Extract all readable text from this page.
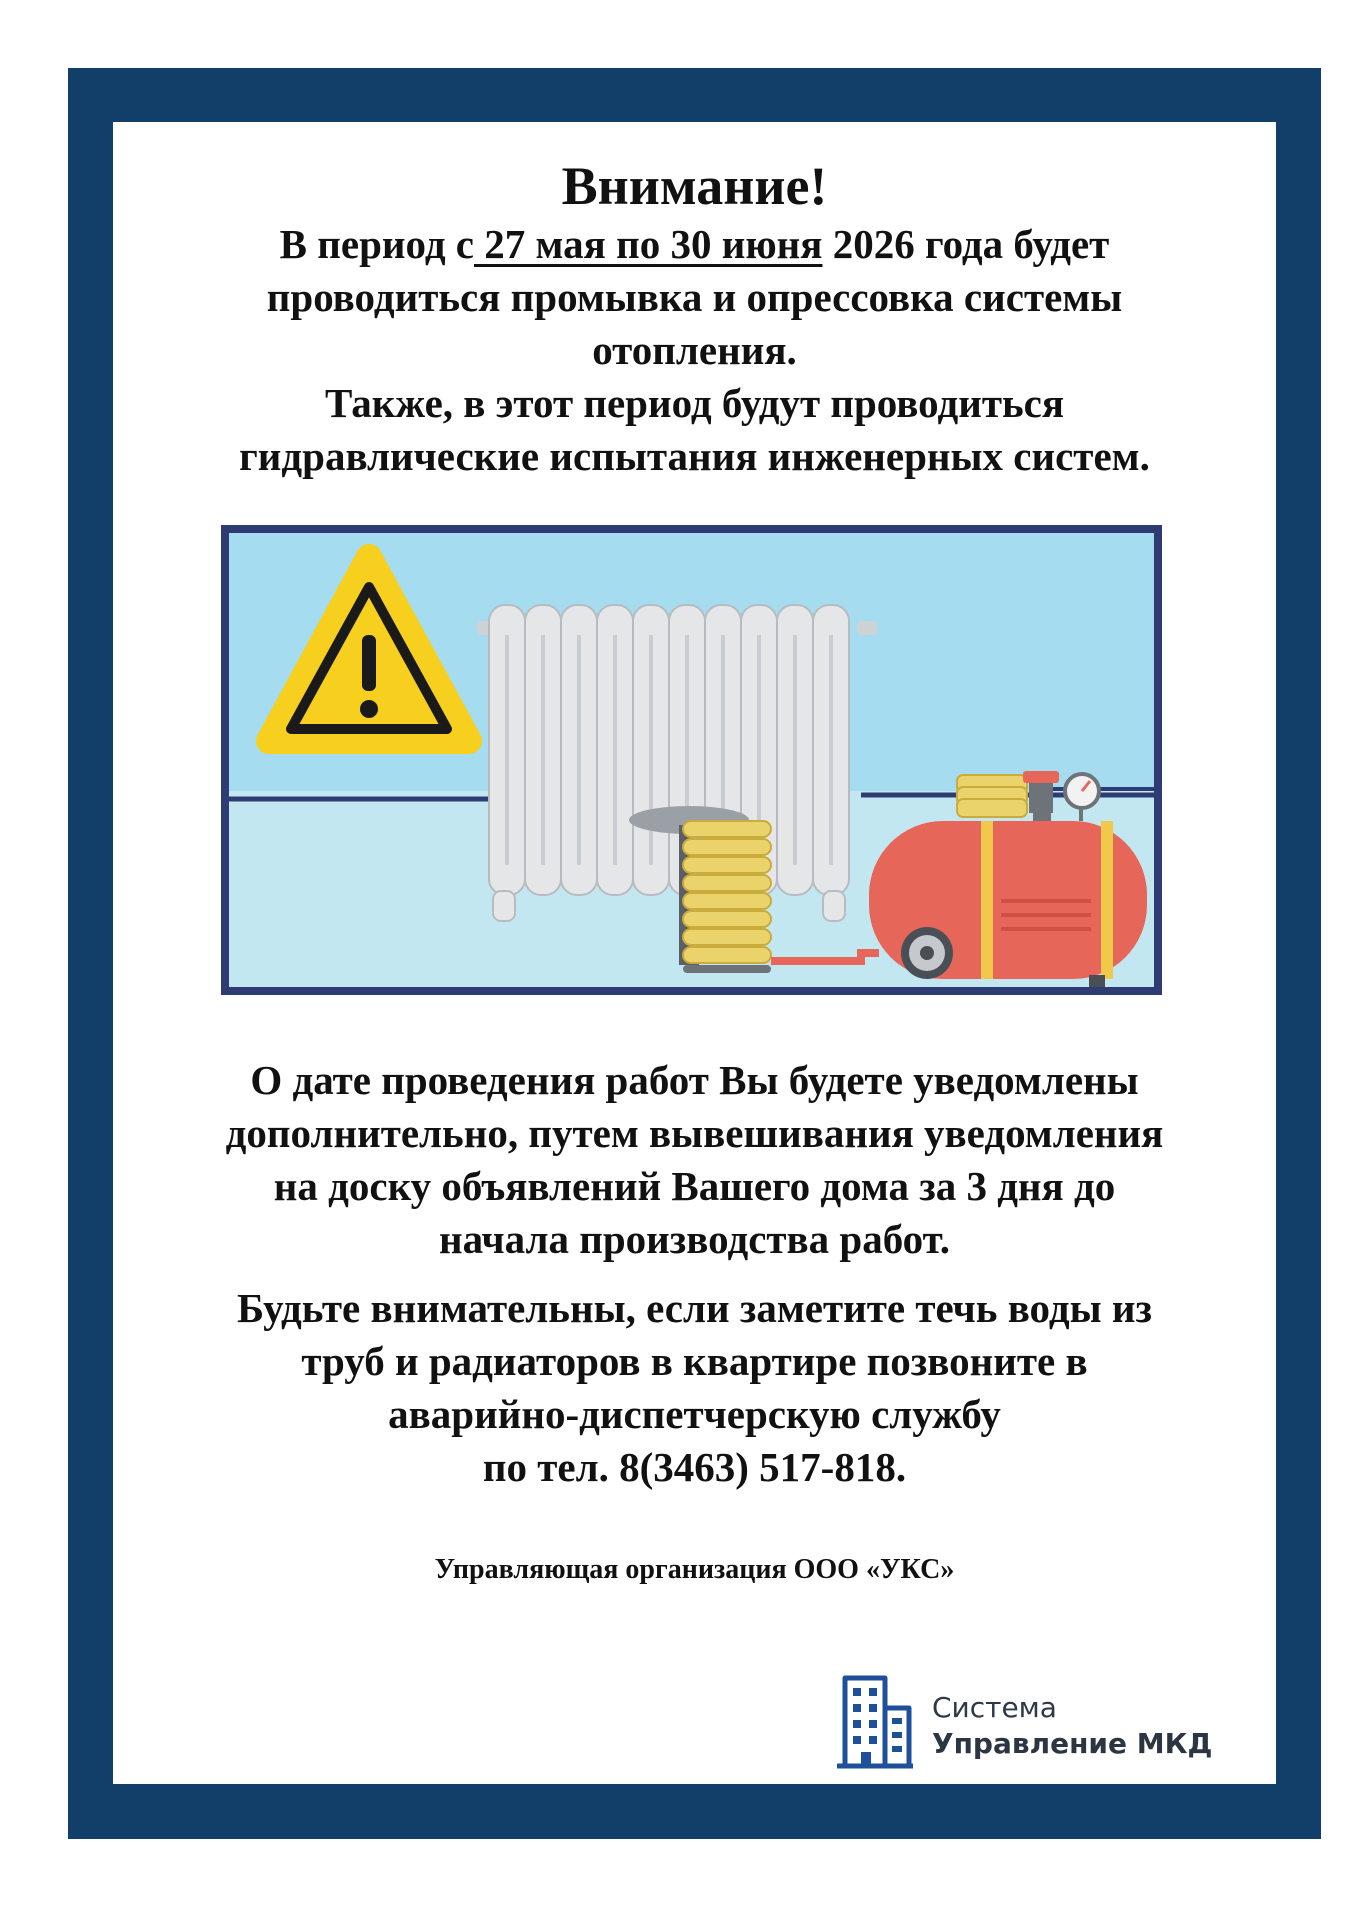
Внимание!

В период с 27 мая по 30 июня 2026 года будет
проводиться промывка и опрессовка системы
отопления.
Также, в этот период будут проводиться
гидравлические испытания инженерных систем.

О дате проведения работ Вы будете уведомлены
дополнительно, путем вывешивания уведомления
на доску объявлений Вашего дома за 3 дня до
начала производства работ.

Будьте внимательны, если заметите течь воды из
труб и радиаторов в квартире позвоните в
аварийно-диспетчерскую службу
по тел. 8(3463) 517-818.

Управляющая организация ООО «УКС»

Система
Управление МКД
